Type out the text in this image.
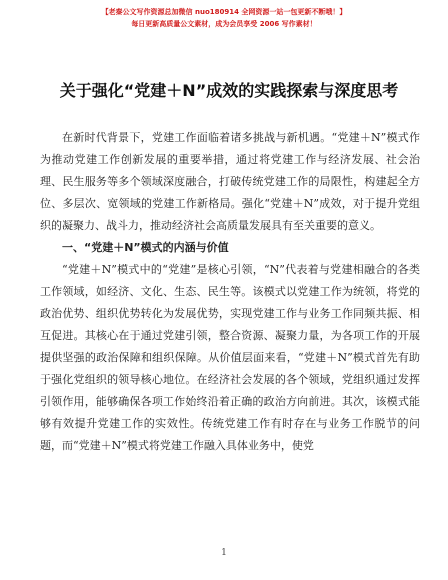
【老秦公文写作资源总加微信 nuo180914 全网资源一站一包更新不断哦！】
每日更新高质量公文素材，成为会员享受 2006 写作素材！
关于强化“党建＋N”成效的实践探索与深度思考

在新时代背景下，党建工作面临着诸多挑战与新机遇。“党建＋N”模式作为推动党建工作创新发展的重要举措，通过将党建工作与经济发展、社会治理、民生服务等多个领域深度融合，打破传统党建工作的局限性，构建起全方位、多层次、宽领域的党建工作新格局。强化“党建＋N”成效，对于提升党组织的凝聚力、战斗力，推动经济社会高质量发展具有至关重要的意义。

一、“党建＋N”模式的内涵与价值

“党建＋N”模式中的“党建”是核心引领，“N”代表着与党建相融合的各类工作领域，如经济、文化、生态、民生等。该模式以党建工作为统领，将党的政治优势、组织优势转化为发展优势，实现党建工作与业务工作同频共振、相互促进。其核心在于通过党建引领，整合资源、凝聚力量，为各项工作的开展提供坚强的政治保障和组织保障。从价值层面来看，“党建＋N”模式首先有助于强化党组织的领导核心地位。在经济社会发展的各个领域，党组织通过发挥引领作用，能够确保各项工作始终沿着正确的政治方向前进。其次，该模式能够有效提升党建工作的实效性。传统党建工作有时存在与业务工作脱节的问题，而“党建＋N”模式将党建工作融入具体业务中，使党

1
